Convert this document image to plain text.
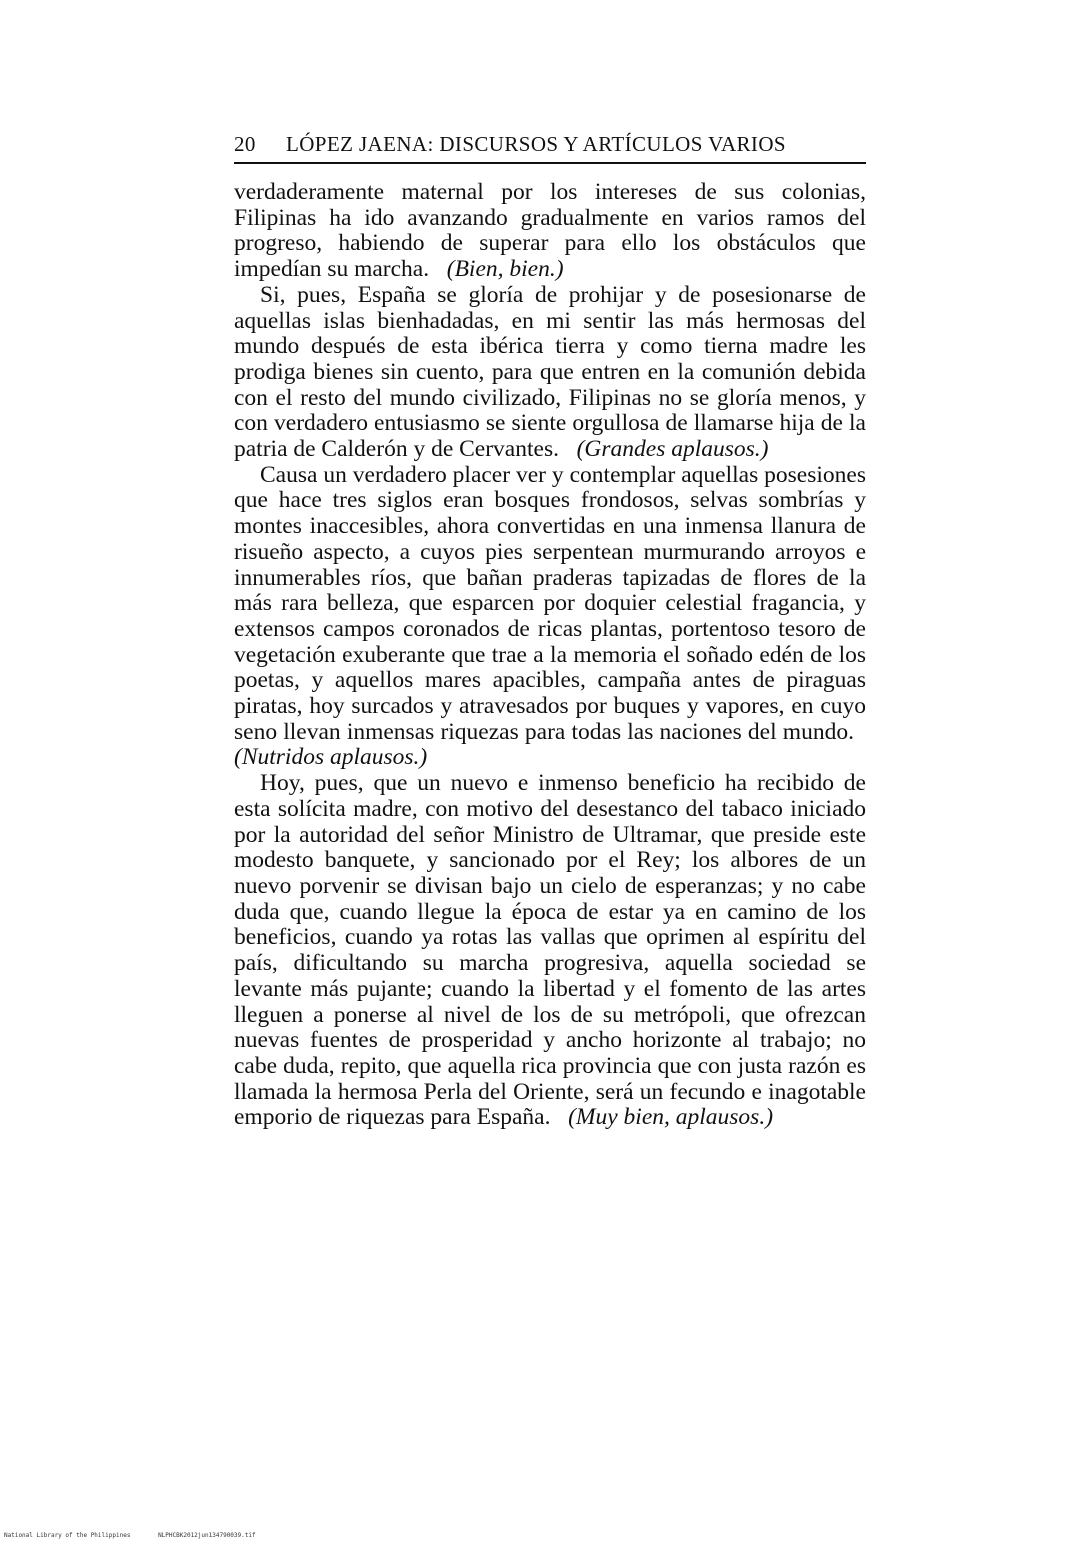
20 LÓPEZ JAENA: DISCURSOS Y ARTÍCULOS VARIOS

verdaderamente maternal por los intereses de sus colonias, Filipinas ha ido avanzando gradualmente en varios ramos del progreso, habiendo de superar para ello los obstáculos que impedían su marcha. (Bien, bien.)

Si, pues, España se gloría de prohijar y de posesionarse de aquellas islas bienhadadas, en mi sentir las más hermosas del mundo después de esta ibérica tierra y como tierna madre les prodiga bienes sin cuento, para que entren en la comunión debida con el resto del mundo civilizado, Filipinas no se gloría menos, y con verdadero entusiasmo se siente orgullosa de llamarse hija de la patria de Calderón y de Cervantes. (Grandes aplausos.)

Causa un verdadero placer ver y contemplar aquellas posesiones que hace tres siglos eran bosques frondosos, selvas sombrías y montes inaccesibles, ahora convertidas en una inmensa llanura de risueño aspecto, a cuyos pies serpentean murmurando arroyos e innumerables ríos, que bañan praderas tapizadas de flores de la más rara belleza, que esparcen por doquier celestial fragancia, y extensos campos coronados de ricas plantas, portentoso tesoro de vegetación exuberante que trae a la memoria el soñado edén de los poetas, y aquellos mares apacibles, campaña antes de piraguas piratas, hoy surcados y atravesados por buques y vapores, en cuyo seno llevan inmensas riquezas para todas las naciones del mundo.   (Nutridos aplausos.)

Hoy, pues, que un nuevo e inmenso beneficio ha recibido de esta solícita madre, con motivo del desestanco del tabaco iniciado por la autoridad del señor Ministro de Ultramar, que preside este modesto banquete, y sancionado por el Rey; los albores de un nuevo porvenir se divisan bajo un cielo de esperanzas; y no cabe duda que, cuando llegue la época de estar ya en camino de los beneficios, cuando ya rotas las vallas que oprimen al espíritu del país, dificultando su marcha progresiva, aquella sociedad se levante más pujante; cuando la libertad y el fomento de las artes lleguen a ponerse al nivel de los de su metrópoli, que ofrezcan nuevas fuentes de prosperidad y ancho horizonte al trabajo; no cabe duda, repito, que aquella rica provincia que con justa razón es llamada la hermosa Perla del Oriente, será un fecundo e inagotable emporio de riquezas para España. (Muy bien, aplausos.)

National Library of the Philippines	NLPHCBK2012jun134790039.tif
